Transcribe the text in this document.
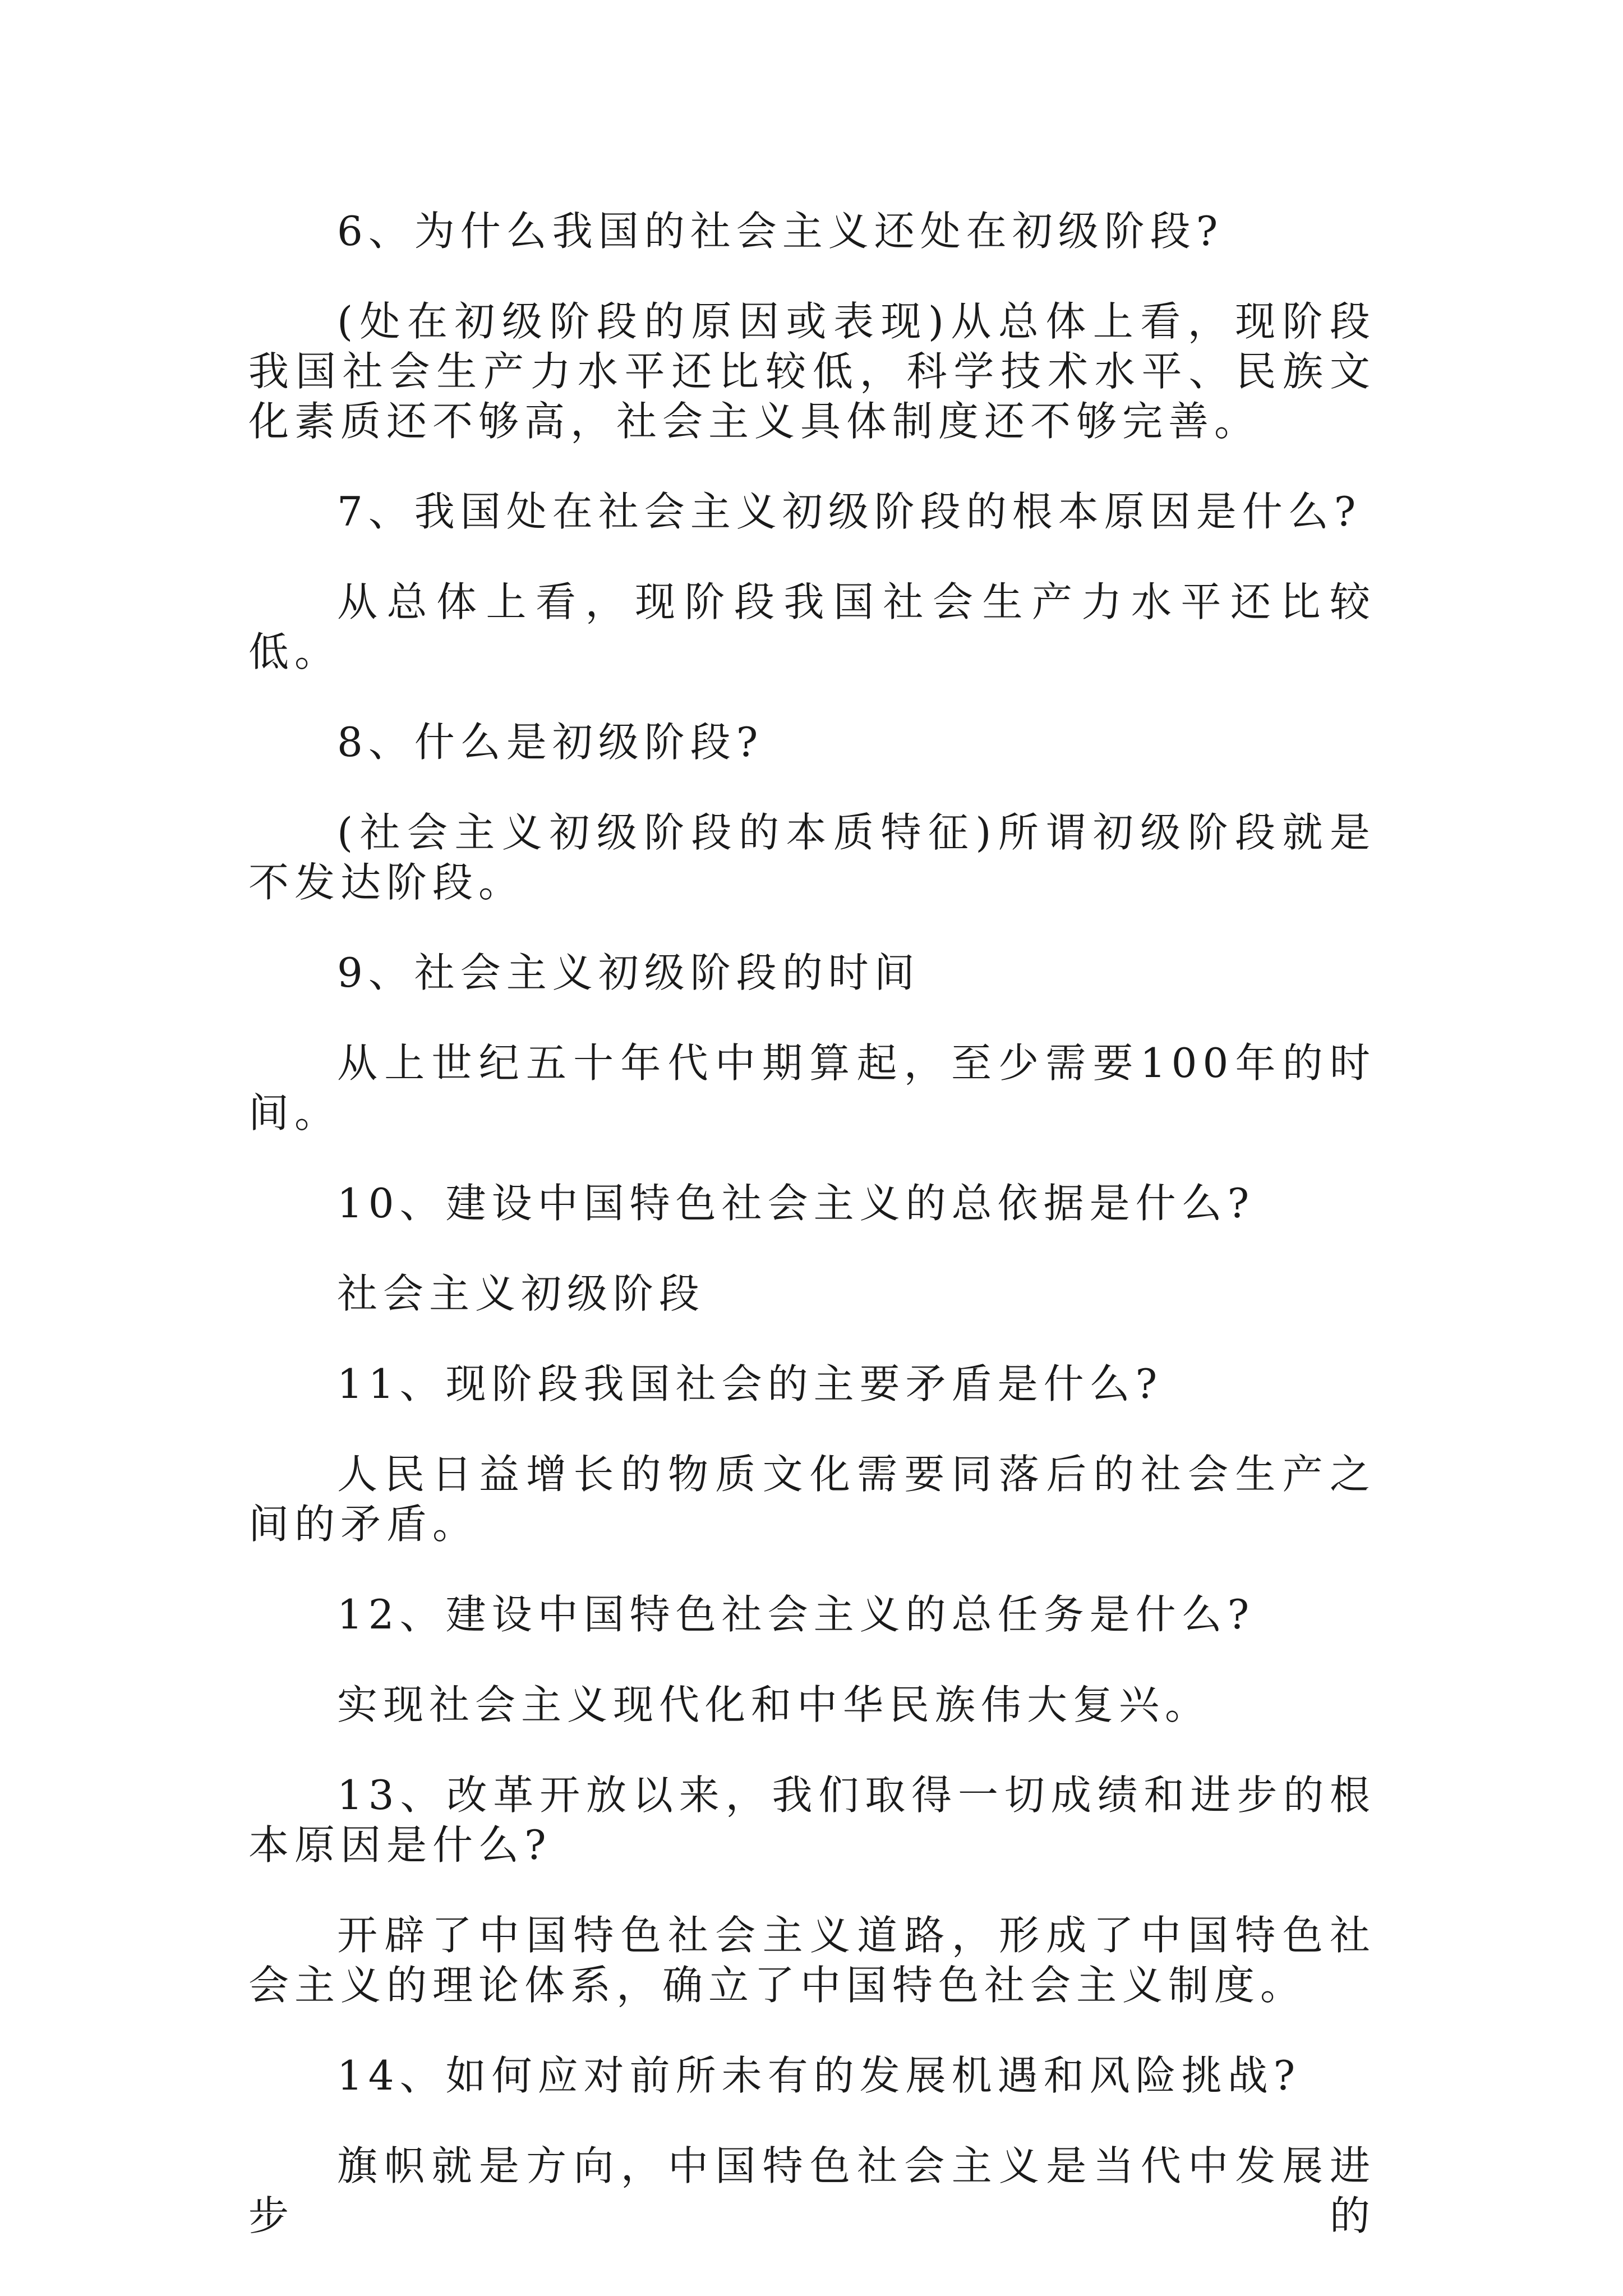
6、为什么我国的社会主义还处在初级阶段?

(处在初级阶段的原因或表现)从总体上看，现阶段我国社会生产力水平还比较低，科学技术水平、民族文化素质还不够高，社会主义具体制度还不够完善。

7、我国处在社会主义初级阶段的根本原因是什么?

从总体上看，现阶段我国社会生产力水平还比较低。

8、什么是初级阶段?

(社会主义初级阶段的本质特征)所谓初级阶段就是不发达阶段。

9、社会主义初级阶段的时间

从上世纪五十年代中期算起，至少需要100年的时间。

10、建设中国特色社会主义的总依据是什么?

社会主义初级阶段

11、现阶段我国社会的主要矛盾是什么?

人民日益增长的物质文化需要同落后的社会生产之间的矛盾。

12、建设中国特色社会主义的总任务是什么?

实现社会主义现代化和中华民族伟大复兴。

13、改革开放以来，我们取得一切成绩和进步的根本原因是什么?

开辟了中国特色社会主义道路，形成了中国特色社会主义的理论体系，确立了中国特色社会主义制度。

14、如何应对前所未有的发展机遇和风险挑战?

旗帜就是方向，中国特色社会主义是当代中发展进步的
